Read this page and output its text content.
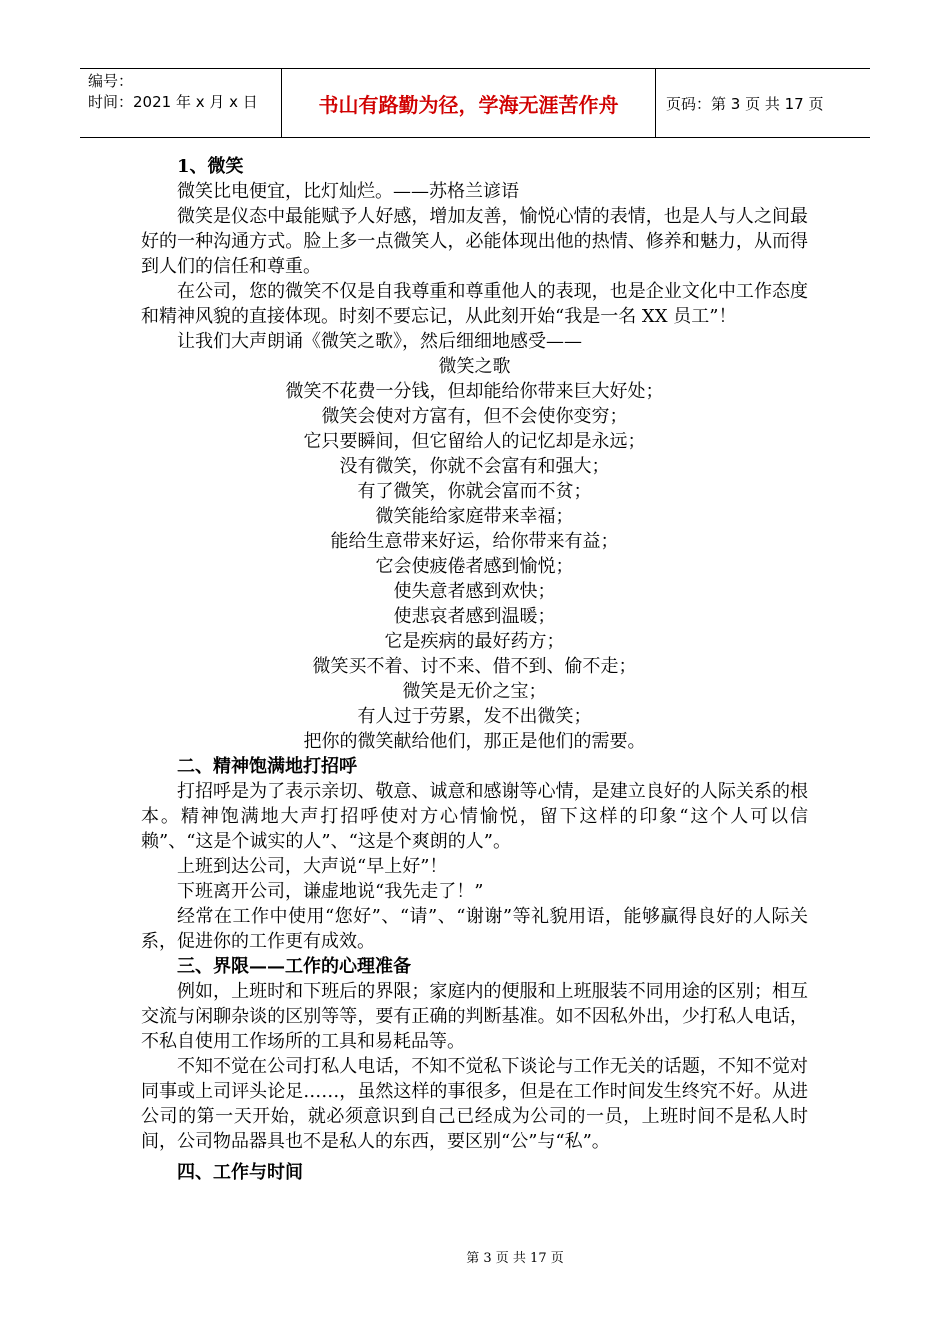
编号：
时间：2021 年 x 月 x 日	书山有路勤为径，学海无涯苦作舟	页码：第 3 页 共 17 页
1、微笑

微笑比电便宜，比灯灿烂。——苏格兰谚语

微笑是仪态中最能赋予人好感，增加友善，愉悦心情的表情，也是人与人之间最好的一种沟通方式。脸上多一点微笑人，必能体现出他的热情、修养和魅力，从而得到人们的信任和尊重。

在公司，您的微笑不仅是自我尊重和尊重他人的表现，也是企业文化中工作态度和精神风貌的直接体现。时刻不要忘记，从此刻开始“我是一名 XX 员工”！

让我们大声朗诵《微笑之歌》，然后细细地感受——

微笑之歌

微笑不花费一分钱，但却能给你带来巨大好处；

微笑会使对方富有，但不会使你变穷；

它只要瞬间，但它留给人的记忆却是永远；

没有微笑，你就不会富有和强大；

有了微笑，你就会富而不贫；

微笑能给家庭带来幸福；

能给生意带来好运，给你带来有益；

它会使疲倦者感到愉悦；

使失意者感到欢快；

使悲哀者感到温暖；

它是疾病的最好药方；

微笑买不着、讨不来、借不到、偷不走；

微笑是无价之宝；

有人过于劳累，发不出微笑；

把你的微笑献给他们，那正是他们的需要。

二、精神饱满地打招呼

打招呼是为了表示亲切、敬意、诚意和感谢等心情，是建立良好的人际关系的根本。精神饱满地大声打招呼使对方心情愉悦，留下这样的印象“这个人可以信赖”、“这是个诚实的人”、“这是个爽朗的人”。

上班到达公司，大声说“早上好”！

下班离开公司，谦虚地说“我先走了！”

经常在工作中使用“您好”、“请”、“谢谢”等礼貌用语，能够赢得良好的人际关系，促进你的工作更有成效。

三、界限——工作的心理准备

例如，上班时和下班后的界限；家庭内的便服和上班服装不同用途的区别；相互交流与闲聊杂谈的区别等等，要有正确的判断基准。如不因私外出，少打私人电话，不私自使用工作场所的工具和易耗品等。

不知不觉在公司打私人电话，不知不觉私下谈论与工作无关的话题，不知不觉对同事或上司评头论足……，虽然这样的事很多，但是在工作时间发生终究不好。从进公司的第一天开始，就必须意识到自己已经成为公司的一员，上班时间不是私人时间，公司物品器具也不是私人的东西，要区别“公”与“私”。

四、工作与时间
第 3 页 共 17 页
